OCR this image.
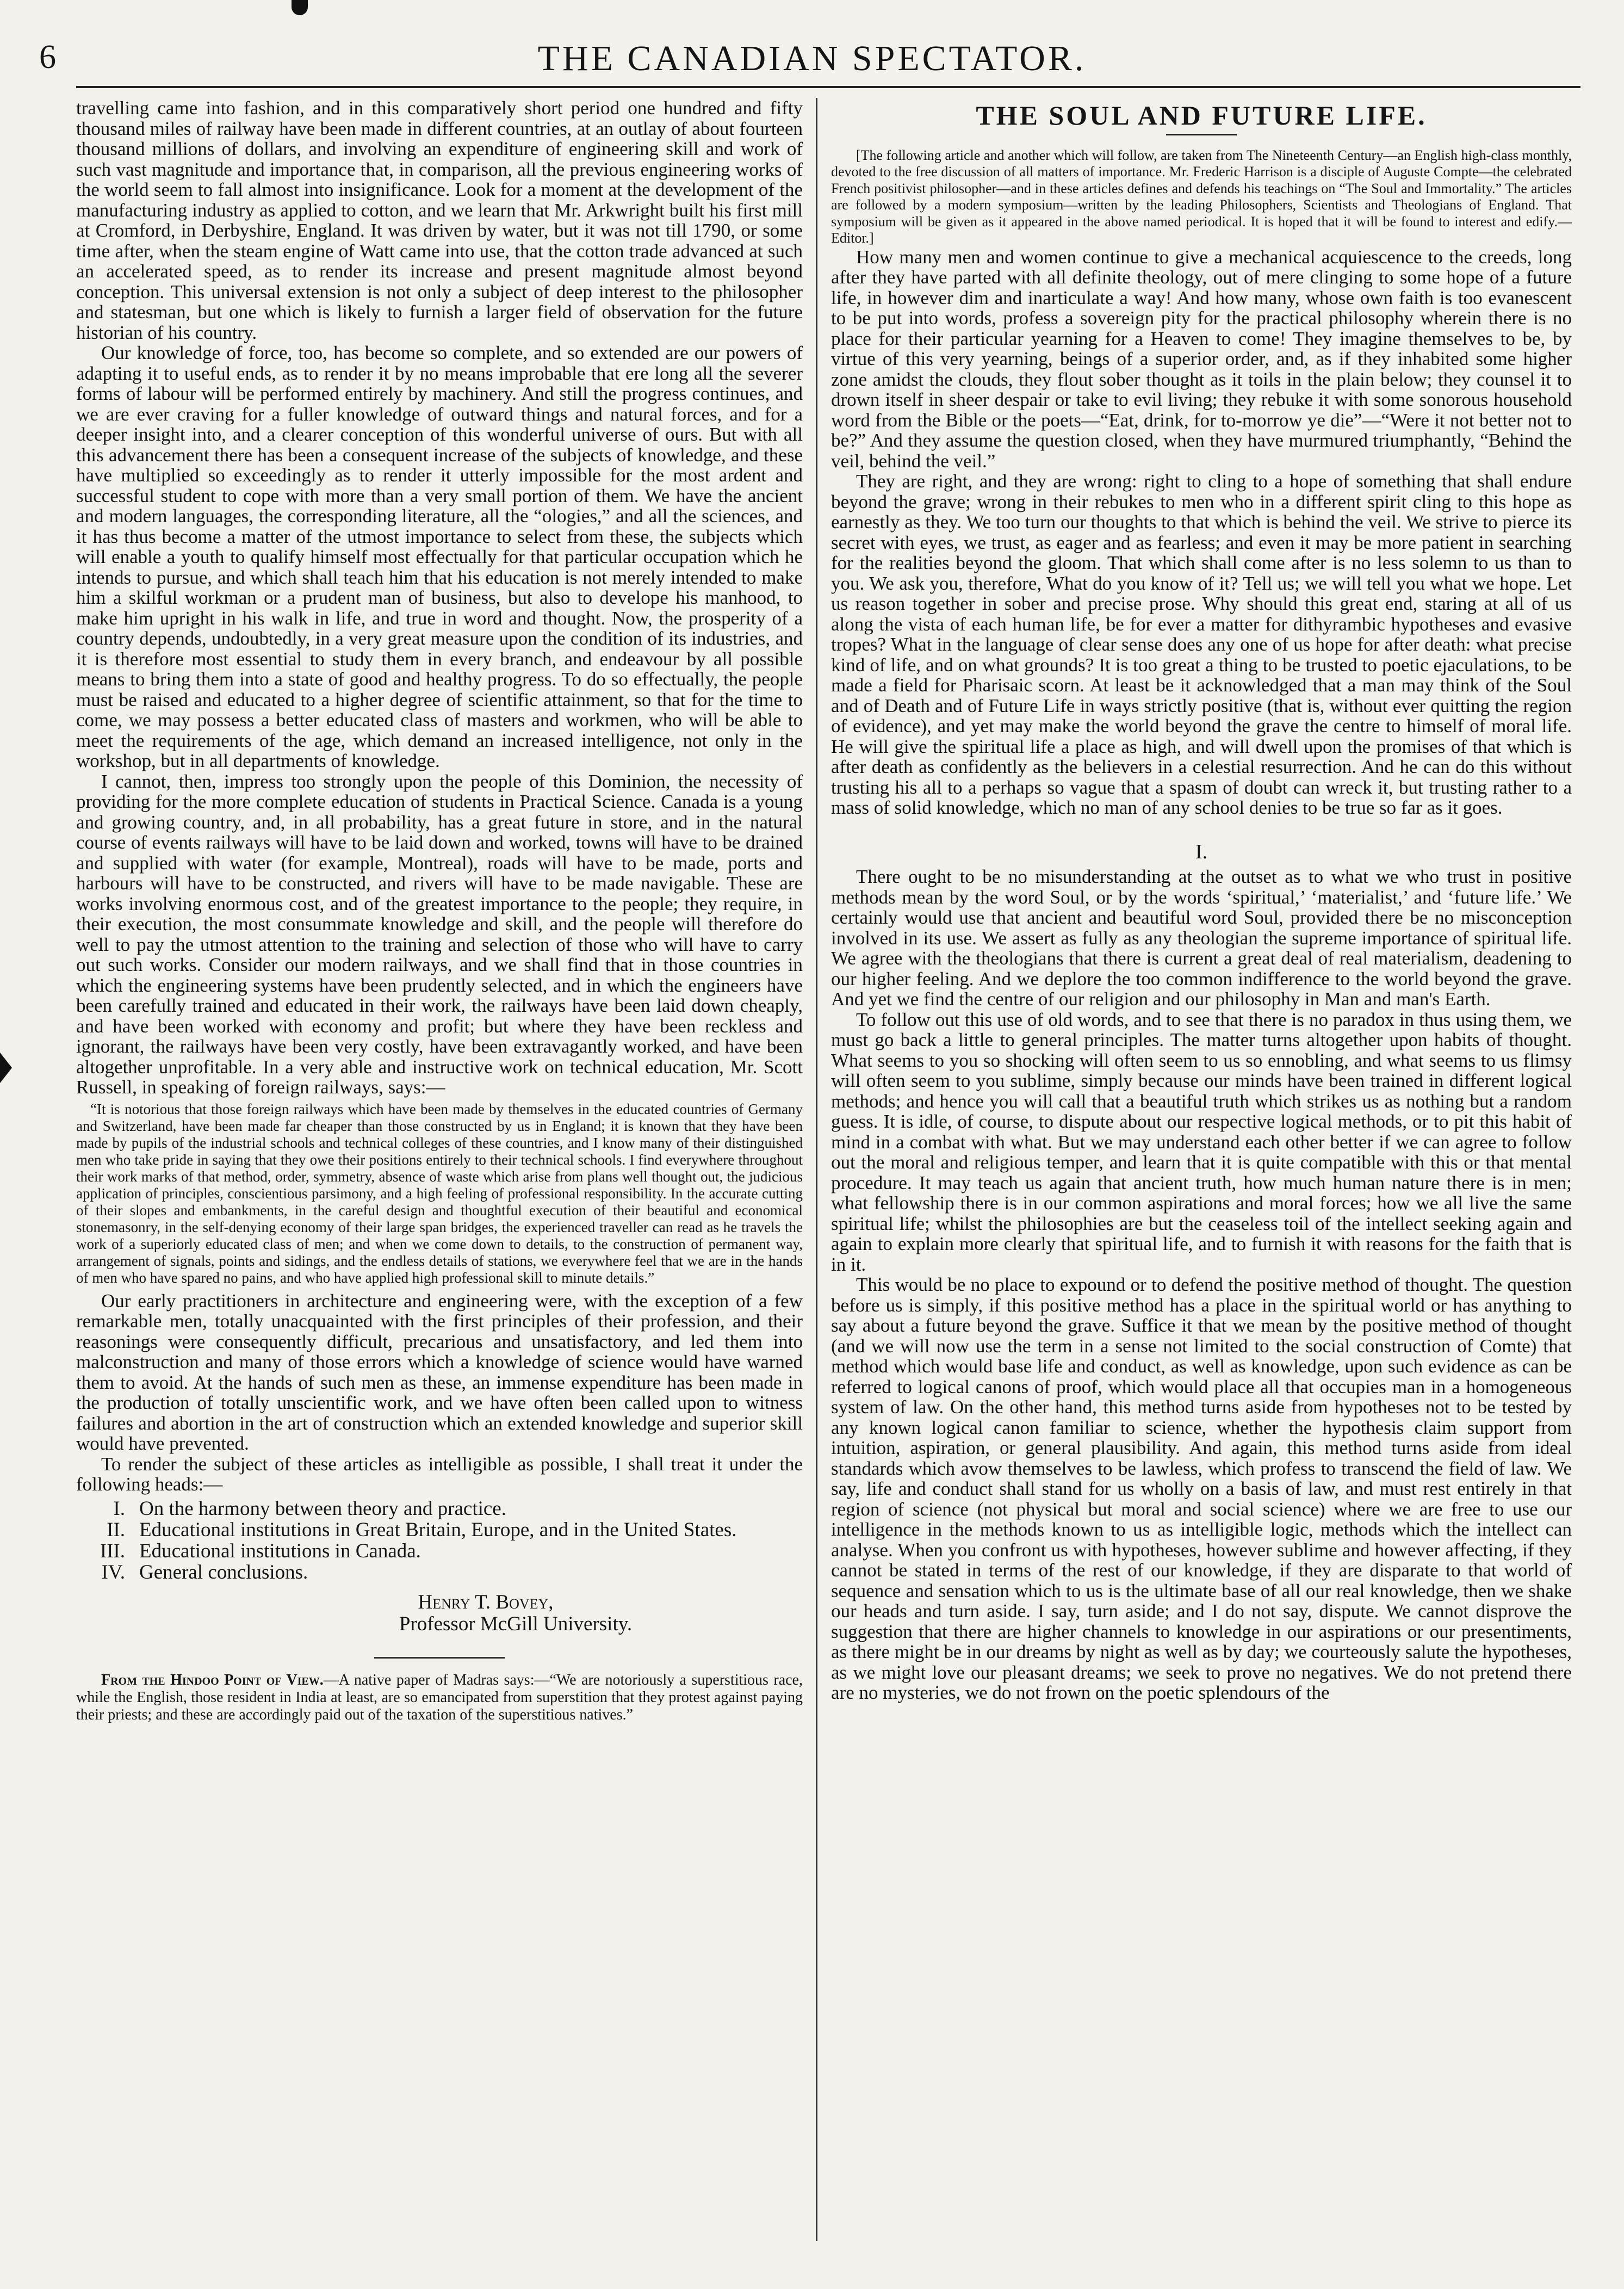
6	THE CANADIAN SPECTATOR.

travelling came into fashion, and in this comparatively short period one hundred and fifty thousand miles of railway have been made in different countries, at an outlay of about fourteen thousand millions of dollars, and involving an expenditure of engineering skill and work of such vast magnitude and importance that, in comparison, all the previous engineering works of the world seem to fall almost into insignificance. Look for a moment at the development of the manufacturing industry as applied to cotton, and we learn that Mr. Arkwright built his first mill at Cromford, in Derbyshire, England. It was driven by water, but it was not till 1790, or some time after, when the steam engine of Watt came into use, that the cotton trade advanced at such an accelerated speed, as to render its increase and present magnitude almost beyond conception. This universal extension is not only a subject of deep interest to the philosopher and statesman, but one which is likely to furnish a larger field of observation for the future historian of his country.

Our knowledge of force, too, has become so complete, and so extended are our powers of adapting it to useful ends, as to render it by no means improbable that ere long all the severer forms of labour will be performed entirely by machinery. And still the progress continues, and we are ever craving for a fuller knowledge of outward things and natural forces, and for a deeper insight into, and a clearer conception of this wonderful universe of ours. But with all this advancement there has been a consequent increase of the subjects of knowledge, and these have multiplied so exceedingly as to render it utterly impossible for the most ardent and successful student to cope with more than a very small portion of them. We have the ancient and modern languages, the corresponding literature, all the “ologies,” and all the sciences, and it has thus become a matter of the utmost importance to select from these, the subjects which will enable a youth to qualify himself most effectually for that particular occupation which he intends to pursue, and which shall teach him that his education is not merely intended to make him a skilful workman or a prudent man of business, but also to develope his manhood, to make him upright in his walk in life, and true in word and thought. Now, the prosperity of a country depends, undoubtedly, in a very great measure upon the condition of its industries, and it is therefore most essential to study them in every branch, and endeavour by all possible means to bring them into a state of good and healthy progress. To do so effectually, the people must be raised and educated to a higher degree of scientific attainment, so that for the time to come, we may possess a better educated class of masters and workmen, who will be able to meet the requirements of the age, which demand an increased intelligence, not only in the workshop, but in all departments of knowledge.

I cannot, then, impress too strongly upon the people of this Dominion, the necessity of providing for the more complete education of students in Practical Science. Canada is a young and growing country, and, in all probability, has a great future in store, and in the natural course of events railways will have to be laid down and worked, towns will have to be drained and supplied with water (for example, Montreal), roads will have to be made, ports and harbours will have to be constructed, and rivers will have to be made navigable. These are works involving enormous cost, and of the greatest importance to the people; they require, in their execution, the most consummate knowledge and skill, and the people will therefore do well to pay the utmost attention to the training and selection of those who will have to carry out such works. Consider our modern railways, and we shall find that in those countries in which the engineering systems have been prudently selected, and in which the engineers have been carefully trained and educated in their work, the railways have been laid down cheaply, and have been worked with economy and profit; but where they have been reckless and ignorant, the railways have been very costly, have been extravagantly worked, and have been altogether unprofitable. In a very able and instructive work on technical education, Mr. Scott Russell, in speaking of foreign railways, says:—

“It is notorious that those foreign railways which have been made by themselves in the educated countries of Germany and Switzerland, have been made far cheaper than those constructed by us in England; it is known that they have been made by pupils of the industrial schools and technical colleges of these countries, and I know many of their distinguished men who take pride in saying that they owe their positions entirely to their technical schools. I find everywhere throughout their work marks of that method, order, symmetry, absence of waste which arise from plans well thought out, the judicious application of principles, conscientious parsimony, and a high feeling of professional responsibility. In the accurate cutting of their slopes and embankments, in the careful design and thoughtful execution of their beautiful and economical stonemasonry, in the self-denying economy of their large span bridges, the experienced traveller can read as he travels the work of a superiorly educated class of men; and when we come down to details, to the construction of permanent way, arrangement of signals, points and sidings, and the endless details of stations, we everywhere feel that we are in the hands of men who have spared no pains, and who have applied high professional skill to minute details.”

Our early practitioners in architecture and engineering were, with the exception of a few remarkable men, totally unacquainted with the first principles of their profession, and their reasonings were consequently difficult, precarious and unsatisfactory, and led them into malconstruction and many of those errors which a knowledge of science would have warned them to avoid. At the hands of such men as these, an immense expenditure has been made in the production of totally unscientific work, and we have often been called upon to witness failures and abortion in the art of construction which an extended knowledge and superior skill would have prevented.

To render the subject of these articles as intelligible as possible, I shall treat it under the following heads:—

I. On the harmony between theory and practice.
II. Educational institutions in Great Britain, Europe, and in the United States.
III. Educational institutions in Canada.
IV. General conclusions.
Henry T. Bovey,
Professor McGill University.

From the Hindoo Point of View.—A native paper of Madras says:—“We are notoriously a superstitious race, while the English, those resident in India at least, are so emancipated from superstition that they protest against paying their priests; and these are accordingly paid out of the taxation of the superstitious natives.”

THE SOUL AND FUTURE LIFE.

[The following article and another which will follow, are taken from The Nineteenth Century—an English high-class monthly, devoted to the free discussion of all matters of importance. Mr. Frederic Harrison is a disciple of Auguste Compte—the celebrated French positivist philosopher—and in these articles defines and defends his teachings on “The Soul and Immortality.” The articles are followed by a modern symposium—written by the leading Philosophers, Scientists and Theologians of England. That symposium will be given as it appeared in the above named periodical. It is hoped that it will be found to interest and edify.—Editor.]

How many men and women continue to give a mechanical acquiescence to the creeds, long after they have parted with all definite theology, out of mere clinging to some hope of a future life, in however dim and inarticulate a way! And how many, whose own faith is too evanescent to be put into words, profess a sovereign pity for the practical philosophy wherein there is no place for their particular yearning for a Heaven to come! They imagine themselves to be, by virtue of this very yearning, beings of a superior order, and, as if they inhabited some higher zone amidst the clouds, they flout sober thought as it toils in the plain below; they counsel it to drown itself in sheer despair or take to evil living; they rebuke it with some sonorous household word from the Bible or the poets—“Eat, drink, for to-morrow ye die”—“Were it not better not to be?” And they assume the question closed, when they have murmured triumphantly, “Behind the veil, behind the veil.”

They are right, and they are wrong: right to cling to a hope of something that shall endure beyond the grave; wrong in their rebukes to men who in a different spirit cling to this hope as earnestly as they. We too turn our thoughts to that which is behind the veil. We strive to pierce its secret with eyes, we trust, as eager and as fearless; and even it may be more patient in searching for the realities beyond the gloom. That which shall come after is no less solemn to us than to you. We ask you, therefore, What do you know of it? Tell us; we will tell you what we hope. Let us reason together in sober and precise prose. Why should this great end, staring at all of us along the vista of each human life, be for ever a matter for dithyrambic hypotheses and evasive tropes? What in the language of clear sense does any one of us hope for after death: what precise kind of life, and on what grounds? It is too great a thing to be trusted to poetic ejaculations, to be made a field for Pharisaic scorn. At least be it acknowledged that a man may think of the Soul and of Death and of Future Life in ways strictly positive (that is, without ever quitting the region of evidence), and yet may make the world beyond the grave the centre to himself of moral life. He will give the spiritual life a place as high, and will dwell upon the promises of that which is after death as confidently as the believers in a celestial resurrection. And he can do this without trusting his all to a perhaps so vague that a spasm of doubt can wreck it, but trusting rather to a mass of solid knowledge, which no man of any school denies to be true so far as it goes.

I.

There ought to be no misunderstanding at the outset as to what we who trust in positive methods mean by the word Soul, or by the words ‘spiritual,’ ‘materialist,’ and ‘future life.’ We certainly would use that ancient and beautiful word Soul, provided there be no misconception involved in its use. We assert as fully as any theologian the supreme importance of spiritual life. We agree with the theologians that there is current a great deal of real materialism, deadening to our higher feeling. And we deplore the too common indifference to the world beyond the grave. And yet we find the centre of our religion and our philosophy in Man and man's Earth.

To follow out this use of old words, and to see that there is no paradox in thus using them, we must go back a little to general principles. The matter turns altogether upon habits of thought. What seems to you so shocking will often seem to us so ennobling, and what seems to us flimsy will often seem to you sublime, simply because our minds have been trained in different logical methods; and hence you will call that a beautiful truth which strikes us as nothing but a random guess. It is idle, of course, to dispute about our respective logical methods, or to pit this habit of mind in a combat with what. But we may understand each other better if we can agree to follow out the moral and religious temper, and learn that it is quite compatible with this or that mental procedure. It may teach us again that ancient truth, how much human nature there is in men; what fellowship there is in our common aspirations and moral forces; how we all live the same spiritual life; whilst the philosophies are but the ceaseless toil of the intellect seeking again and again to explain more clearly that spiritual life, and to furnish it with reasons for the faith that is in it.

This would be no place to expound or to defend the positive method of thought. The question before us is simply, if this positive method has a place in the spiritual world or has anything to say about a future beyond the grave. Suffice it that we mean by the positive method of thought (and we will now use the term in a sense not limited to the social construction of Comte) that method which would base life and conduct, as well as knowledge, upon such evidence as can be referred to logical canons of proof, which would place all that occupies man in a homogeneous system of law. On the other hand, this method turns aside from hypotheses not to be tested by any known logical canon familiar to science, whether the hypothesis claim support from intuition, aspiration, or general plausibility. And again, this method turns aside from ideal standards which avow themselves to be lawless, which profess to transcend the field of law. We say, life and conduct shall stand for us wholly on a basis of law, and must rest entirely in that region of science (not physical but moral and social science) where we are free to use our intelligence in the methods known to us as intelligible logic, methods which the intellect can analyse. When you confront us with hypotheses, however sublime and however affecting, if they cannot be stated in terms of the rest of our knowledge, if they are disparate to that world of sequence and sensation which to us is the ultimate base of all our real knowledge, then we shake our heads and turn aside. I say, turn aside; and I do not say, dispute. We cannot disprove the suggestion that there are higher channels to knowledge in our aspirations or our presentiments, as there might be in our dreams by night as well as by day; we courteously salute the hypotheses, as we might love our pleasant dreams; we seek to prove no negatives. We do not pretend there are no mysteries, we do not frown on the poetic splendours of the
